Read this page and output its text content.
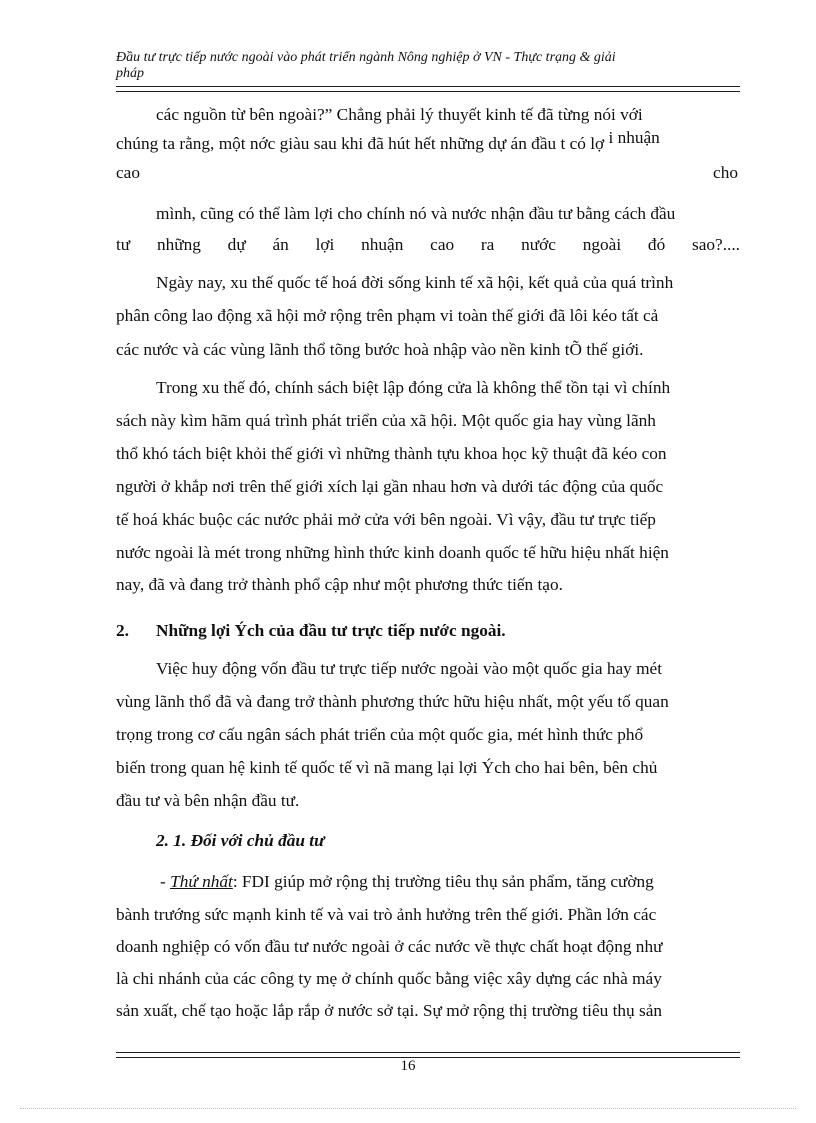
Đầu tư trực tiếp nước ngoài vào phát triển ngành Nông nghiệp ở VN - Thực trạng & giải
pháp
các nguồn từ bên ngoài?” Chẳng phải lý thuyết kinh tế đã từng nói với
chúng ta rằng, một nớc giàu sau khi đã hút hết những dự án đầu t có lợ i nhuận
cao	cho
mình, cũng có thể làm lợi cho chính nó và nước nhận đầu tư bằng cách đầu
tư những dự án lợi nhuận cao ra nước ngoài đó sao?....
Ngày nay, xu thế quốc tế hoá đời sống kinh tế xã hội, kết quả của quá trình
phân công lao động xã hội mở rộng trên phạm vi toàn thế giới đã lôi kéo tất cả
các nước và các vùng lãnh thổ tõng bước hoà nhập vào nền kinh tÕ thế giới.
Trong xu thế đó, chính sách biệt lập đóng cửa là không thể tồn tại vì chính
sách này kìm hãm quá trình phát triển của xã hội. Một quốc gia hay vùng lãnh
thổ khó tách biệt khỏi thế giới vì những thành tựu khoa học kỹ thuật đã kéo con
người ở khắp nơi trên thế giới xích lại gần nhau hơn và dưới tác động của quốc
tế hoá khác buộc các nước phải mở cửa với bên ngoài. Vì vậy, đầu tư trực tiếp
nước ngoài là mét trong những hình thức kinh doanh quốc tế hữu hiệu nhất hiện
nay, đã và đang trở thành phổ cập như một phương thức tiến tạo.
2. Những lợi Ých của đầu tư trực tiếp nước ngoài.
Việc huy động vốn đầu tư trực tiếp nước ngoài vào một quốc gia hay mét
vùng lãnh thổ đã và đang trở thành phương thức hữu hiệu nhất, một yếu tố quan
trọng trong cơ cấu ngân sách phát triển của một quốc gia, mét hình thức phổ
biến trong quan hệ kinh tế quốc tế vì nã mang lại lợi Ých cho hai bên, bên chủ
đầu tư và bên nhận đầu tư.
2. 1. Đối với chủ đầu tư
- Thứ nhất: FDI giúp mở rộng thị trường tiêu thụ sản phẩm, tăng cường
bành trướng sức mạnh kinh tế và vai trò ảnh hưởng trên thế giới. Phần lớn các
doanh nghiệp có vốn đầu tư nước ngoài ở các nước về thực chất hoạt động như
là chi nhánh của các công ty mẹ ở chính quốc bằng việc xây dựng các nhà máy
sản xuất, chế tạo hoặc lắp rắp ở nước sở tại. Sự mở rộng thị trường tiêu thụ sản
16
